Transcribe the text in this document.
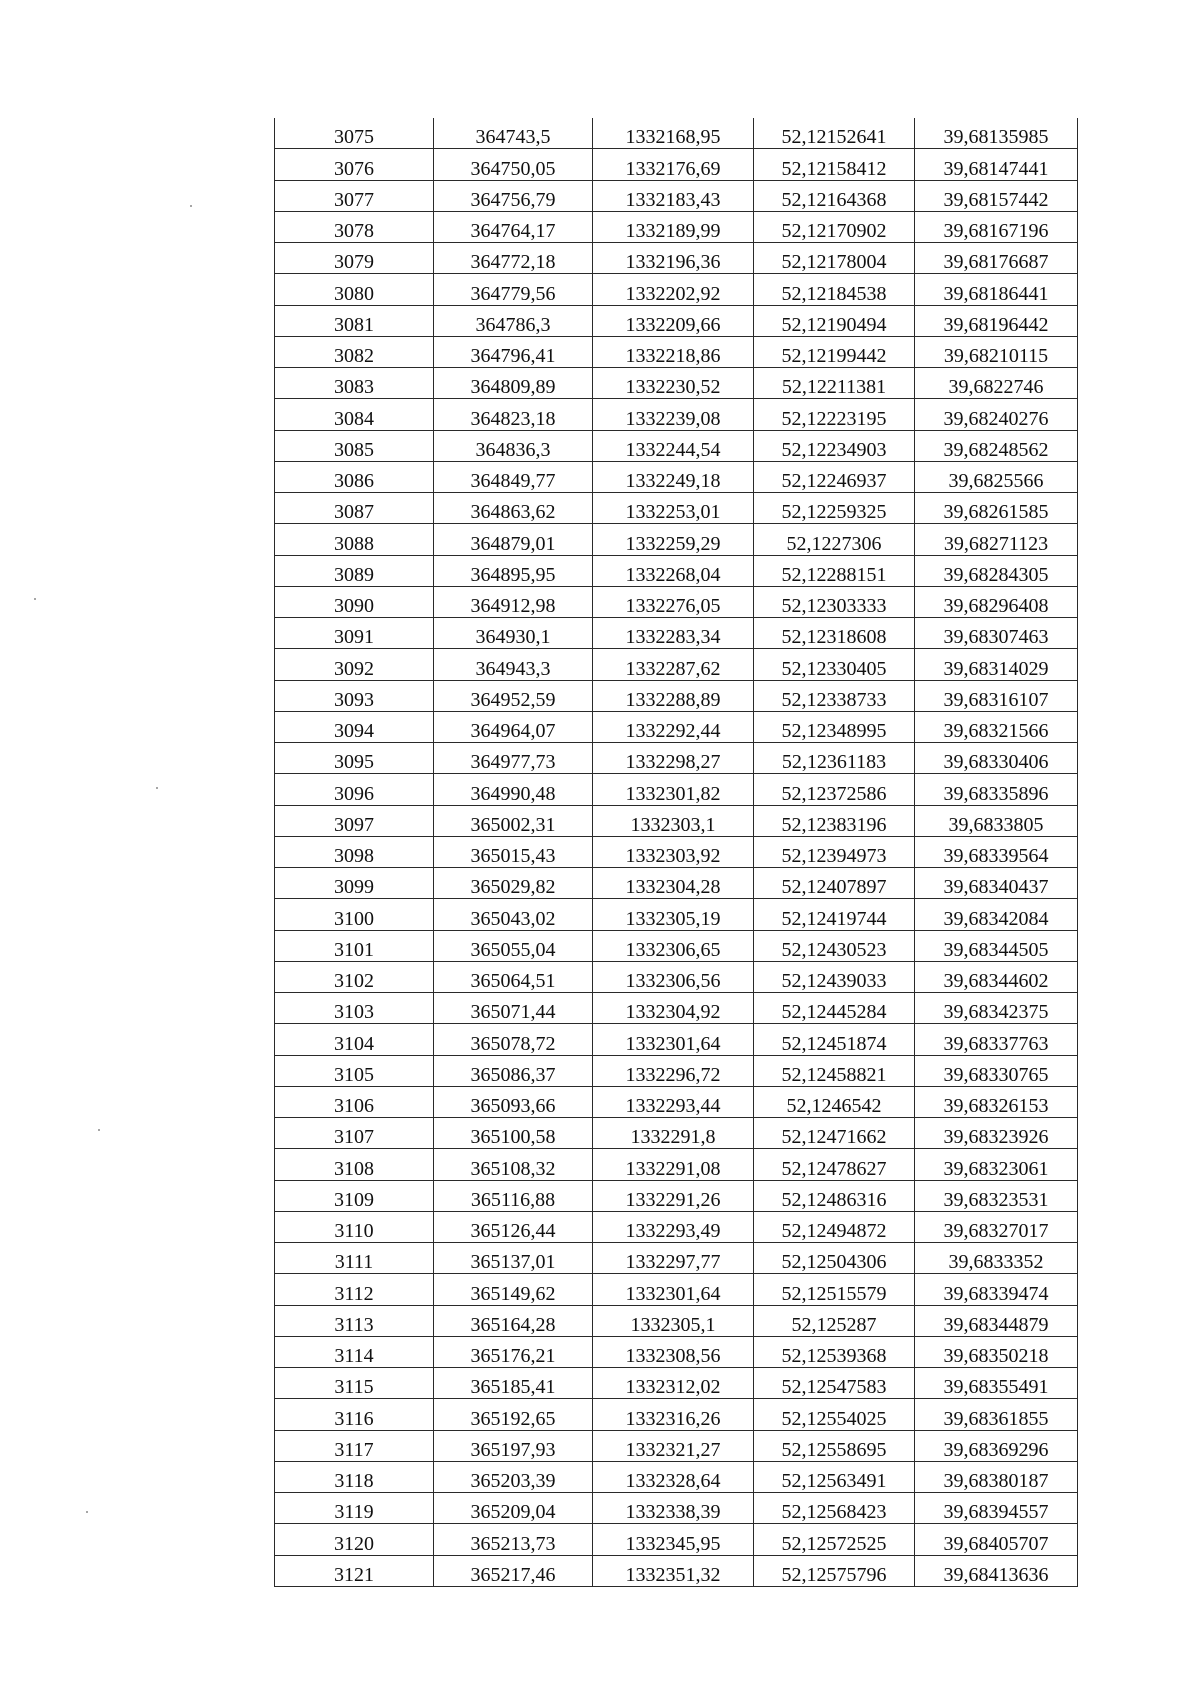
3075	364743,5	1332168,95	52,12152641	39,68135985
3076	364750,05	1332176,69	52,12158412	39,68147441
3077	364756,79	1332183,43	52,12164368	39,68157442
3078	364764,17	1332189,99	52,12170902	39,68167196
3079	364772,18	1332196,36	52,12178004	39,68176687
3080	364779,56	1332202,92	52,12184538	39,68186441
3081	364786,3	1332209,66	52,12190494	39,68196442
3082	364796,41	1332218,86	52,12199442	39,68210115
3083	364809,89	1332230,52	52,12211381	39,6822746
3084	364823,18	1332239,08	52,12223195	39,68240276
3085	364836,3	1332244,54	52,12234903	39,68248562
3086	364849,77	1332249,18	52,12246937	39,6825566
3087	364863,62	1332253,01	52,12259325	39,68261585
3088	364879,01	1332259,29	52,1227306	39,68271123
3089	364895,95	1332268,04	52,12288151	39,68284305
3090	364912,98	1332276,05	52,12303333	39,68296408
3091	364930,1	1332283,34	52,12318608	39,68307463
3092	364943,3	1332287,62	52,12330405	39,68314029
3093	364952,59	1332288,89	52,12338733	39,68316107
3094	364964,07	1332292,44	52,12348995	39,68321566
3095	364977,73	1332298,27	52,12361183	39,68330406
3096	364990,48	1332301,82	52,12372586	39,68335896
3097	365002,31	1332303,1	52,12383196	39,6833805
3098	365015,43	1332303,92	52,12394973	39,68339564
3099	365029,82	1332304,28	52,12407897	39,68340437
3100	365043,02	1332305,19	52,12419744	39,68342084
3101	365055,04	1332306,65	52,12430523	39,68344505
3102	365064,51	1332306,56	52,12439033	39,68344602
3103	365071,44	1332304,92	52,12445284	39,68342375
3104	365078,72	1332301,64	52,12451874	39,68337763
3105	365086,37	1332296,72	52,12458821	39,68330765
3106	365093,66	1332293,44	52,1246542	39,68326153
3107	365100,58	1332291,8	52,12471662	39,68323926
3108	365108,32	1332291,08	52,12478627	39,68323061
3109	365116,88	1332291,26	52,12486316	39,68323531
3110	365126,44	1332293,49	52,12494872	39,68327017
3111	365137,01	1332297,77	52,12504306	39,6833352
3112	365149,62	1332301,64	52,12515579	39,68339474
3113	365164,28	1332305,1	52,125287	39,68344879
3114	365176,21	1332308,56	52,12539368	39,68350218
3115	365185,41	1332312,02	52,12547583	39,68355491
3116	365192,65	1332316,26	52,12554025	39,68361855
3117	365197,93	1332321,27	52,12558695	39,68369296
3118	365203,39	1332328,64	52,12563491	39,68380187
3119	365209,04	1332338,39	52,12568423	39,68394557
3120	365213,73	1332345,95	52,12572525	39,68405707
3121	365217,46	1332351,32	52,12575796	39,68413636
